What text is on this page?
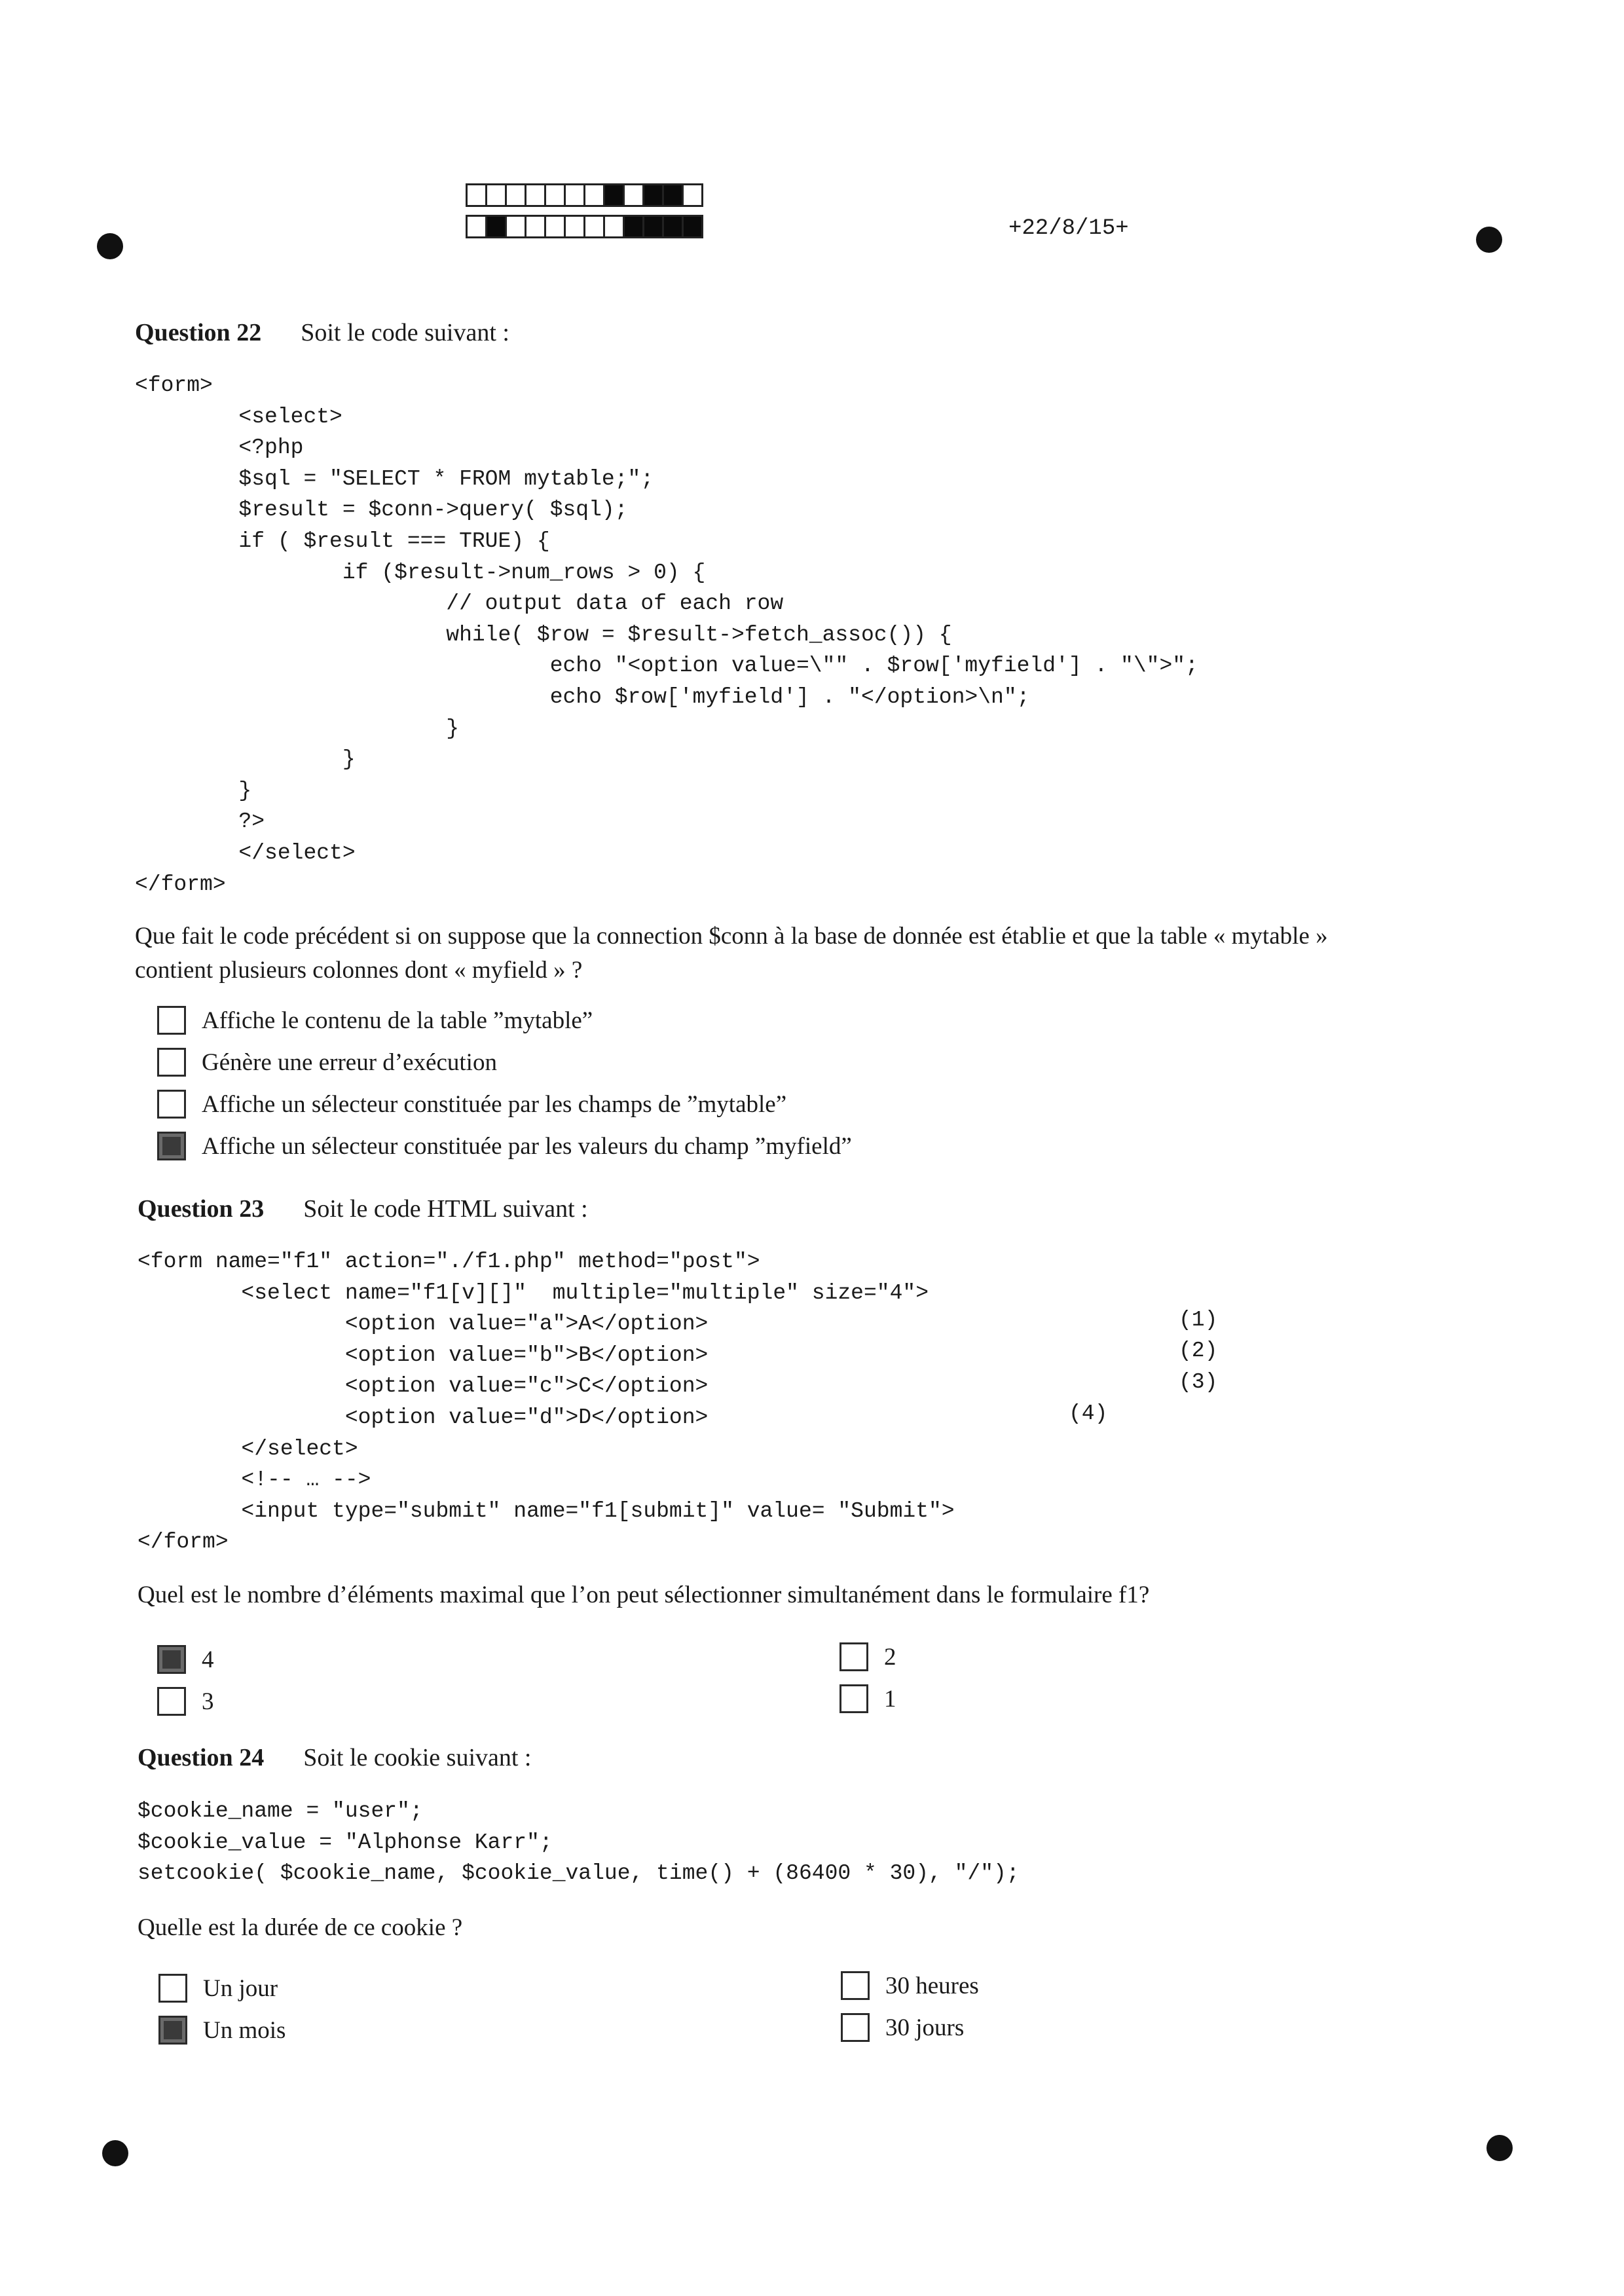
+22/8/15+
Question 22 Soit le code suivant :
<form>
<select>
<?php
$sql = "SELECT * FROM mytable;";
$result = $conn->query( $sql);
if ( $result === TRUE) {
if ($result->num_rows > 0) {
// output data of each row
while( $row = $result->fetch_assoc()) {
echo "<option value=\"" . $row['myfield'] . "\">";
echo $row['myfield'] . "</option>\n";
}
}
}
?>
</select>
</form>
Que fait le code précédent si on suppose que la connection $conn à la base de donnée est établie et que la table « mytable »
contient plusieurs colonnes dont « myfield » ?
Affiche le contenu de la table ”mytable”
Génère une erreur d’exécution
Affiche un sélecteur constituée par les champs de ”mytable”
Affiche un sélecteur constituée par les valeurs du champ ”myfield”
Question 23 Soit le code HTML suivant :
<form name="f1" action="./f1.php" method="post">
<select name="f1[v][]"  multiple="multiple" size="4">
<option value="a">A</option>
<option value="b">B</option>
<option value="c">C</option>
<option value="d">D</option>
</select>
<!-- … -->
<input type="submit" name="f1[submit]" value= "Submit">
</form>
(1)
(2)
(3)
(4)
Quel est le nombre d’éléments maximal que l’on peut sélectionner simultanément dans le formulaire f1?
4
3
2
1
Question 24 Soit le cookie suivant :
$cookie_name = "user";
$cookie_value = "Alphonse Karr";
setcookie( $cookie_name, $cookie_value, time() + (86400 * 30), "/");
Quelle est la durée de ce cookie ?
Un jour
Un mois
30 heures
30 jours
